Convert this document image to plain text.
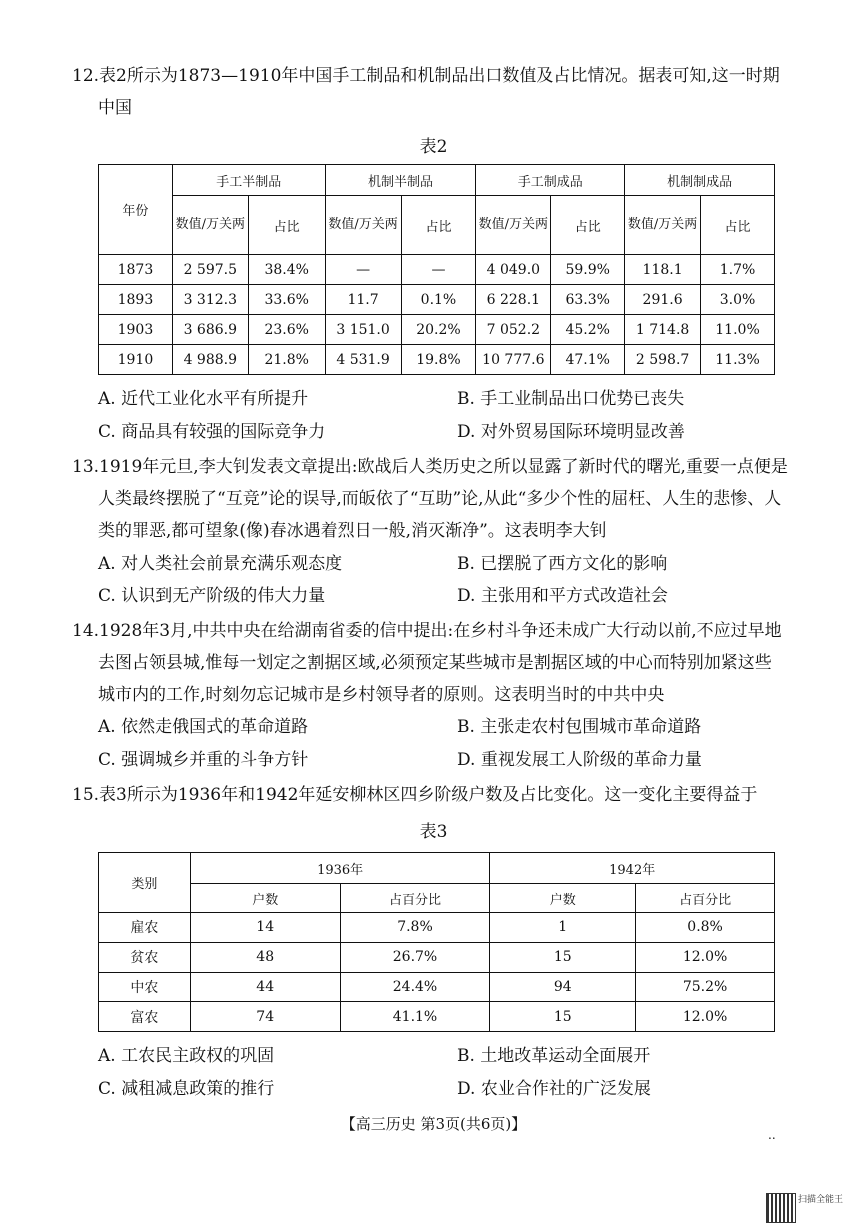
12.表2所示为1873—1910年中国手工制品和机制品出口数值及占比情况。据表可知,这一时期中国
表2
年份	手工半制品		机制半制品		手工制成品		机制制成品	
	数值/万关两	占比	数值/万关两	占比	数值/万关两	占比	数值/万关两	占比
1873	2 597.5	38.4%	—	—	4 049.0	59.9%	118.1	1.7%
1893	3 312.3	33.6%	11.7	0.1%	6 228.1	63.3%	291.6	3.0%
1903	3 686.9	23.6%	3 151.0	20.2%	7 052.2	45.2%	1 714.8	11.0%
1910	4 988.9	21.8%	4 531.9	19.8%	10 777.6	47.1%	2 598.7	11.3%
A. 近代工业化水平有所提升	B. 手工业制品出口优势已丧失
C. 商品具有较强的国际竞争力	D. 对外贸易国际环境明显改善
13.1919年元旦,李大钊发表文章提出:欧战后人类历史之所以显露了新时代的曙光,重要一点便是人类最终摆脱了“互竞”论的误导,而皈依了“互助”论,从此“多少个性的屈枉、人生的悲惨、人类的罪恶,都可望象(像)春冰遇着烈日一般,消灭渐净”。这表明李大钊
A. 对人类社会前景充满乐观态度	B. 已摆脱了西方文化的影响
C. 认识到无产阶级的伟大力量	D. 主张用和平方式改造社会
14.1928年3月,中共中央在给湖南省委的信中提出:在乡村斗争还未成广大行动以前,不应过早地去图占领县城,惟每一划定之割据区域,必须预定某些城市是割据区域的中心而特别加紧这些城市内的工作,时刻勿忘记城市是乡村领导者的原则。这表明当时的中共中央
A. 依然走俄国式的革命道路	B. 主张走农村包围城市革命道路
C. 强调城乡并重的斗争方针	D. 重视发展工人阶级的革命力量
15.表3所示为1936年和1942年延安柳林区四乡阶级户数及占比变化。这一变化主要得益于
表3
类别	1936年		1942年	
	户数	占百分比	户数	占百分比
雇农	14	7.8%	1	0.8%
贫农	48	26.7%	15	12.0%
中农	44	24.4%	94	75.2%
富农	74	41.1%	15	12.0%
A. 工农民主政权的巩固	B. 土地改革运动全面展开
C. 减租减息政策的推行	D. 农业合作社的广泛发展
【高三历史 第3页(共6页)】
..
扫描全能王
